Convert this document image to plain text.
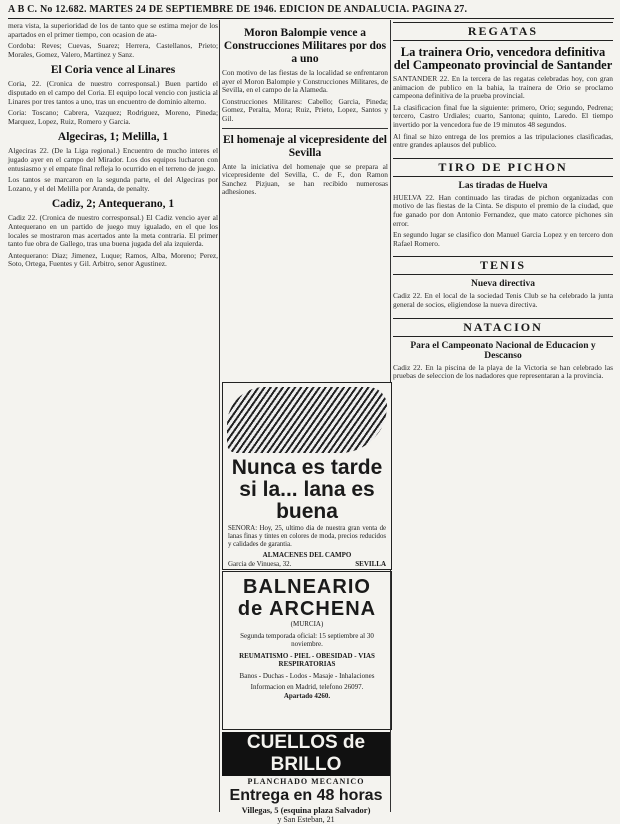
A B C. No 12.682. MARTES 24 DE SEPTIEMBRE DE 1946. EDICION DE ANDALUCIA. PAGINA 27.

mera vista, la superioridad de los de tanto que se estima mejor de los apartados en el primer tiempo, con ocasion de ata-

Cordoba: Reves; Cuevas, Suarez; Herrera, Castellanos, Prieto; Morales, Gomez, Valero, Martinez y Sanz.

El Coria vence al Linares

Coria, 22. (Cronica de nuestro corresponsal.) Buen partido el disputado en el campo del Coria. El equipo local vencio con justicia al Linares por tres tantos a uno, tras un encuentro de dominio alterno.

Coria: Toscano; Cabrera, Vazquez; Rodriguez, Moreno, Pineda; Marquez, Lopez, Ruiz, Romero y Garcia.

Algeciras, 1; Melilla, 1

Algeciras 22. (De la Liga regional.) Encuentro de mucho interes el jugado ayer en el campo del Mirador. Los dos equipos lucharon con entusiasmo y el empate final refleja lo ocurrido en el terreno de juego.

Los tantos se marcaron en la segunda parte, el del Algeciras por Lozano, y el del Melilla por Aranda, de penalty.

Cadiz, 2; Antequerano, 1

Cadiz 22. (Cronica de nuestro corresponsal.) El Cadiz vencio ayer al Antequerano en un partido de juego muy igualado, en el que los locales se mostraron mas acertados ante la meta contraria. El primer tanto fue obra de Gallego, tras una buena jugada del ala izquierda.

Antequerano: Diaz; Jimenez, Luque; Ramos, Alba, Moreno; Perez, Soto, Ortega, Fuentes y Gil. Arbitro, senor Agustinez.

Moron Balompie vence a Construcciones Militares por dos a uno

Con motivo de las fiestas de la localidad se enfrentaron ayer el Moron Balompie y Construcciones Militares, de Sevilla, en el campo de la Alameda.

Construcciones Militares: Cabello; Garcia, Pineda; Gomez, Peralta, Mora; Ruiz, Prieto, Lopez, Santos y Gil.

El homenaje al vicepresidente del Sevilla

Ante la iniciativa del homenaje que se prepara al vicepresidente del Sevilla, C. de F., don Ramon Sanchez Pizjuan, se han recibido numerosas adhesiones.

Nunca es tarde
si la... lana es buena
SENORA: Hoy, 25, ultimo dia de nuestra gran venta de lanas finas y tintes en colores de moda, precios reducidos y calidades de garantia.
ALMACENES DEL CAMPO
Garcia de Vinuesa, 32.	SEVILLA
BALNEARIO
de ARCHENA
(MURCIA)
Segunda temporada oficial: 15 septiembre al 30 noviembre.
REUMATISMO - PIEL - OBESIDAD - VIAS RESPIRATORIAS
Banos - Duchas - Lodos - Masaje - Inhalaciones
Informacion en Madrid, telefono 26097.
Apartado 4260.
CUELLOS de BRILLO
PLANCHADO MECANICO
Entrega en 48 horas
Villegas, 5 (esquina plaza Salvador)
y San Esteban, 21
REGATAS
La trainera Orio, vencedora definitiva del Campeonato provincial de Santander

SANTANDER 22. En la tercera de las regatas celebradas hoy, con gran animacion de publico en la bahia, la trainera de Orio se proclamo campeona definitiva de la prueba provincial.

La clasificacion final fue la siguiente: primero, Orio; segundo, Pedrena; tercero, Castro Urdiales; cuarto, Santona; quinto, Laredo. El tiempo invertido por la vencedora fue de 19 minutos 48 segundos.

Al final se hizo entrega de los premios a las tripulaciones clasificadas, entre grandes aplausos del publico.

TIRO DE PICHON
Las tiradas de Huelva

HUELVA 22. Han continuado las tiradas de pichon organizadas con motivo de las fiestas de la Cinta. Se disputo el premio de la ciudad, que fue ganado por don Antonio Fernandez, que mato catorce pichones sin error.

En segundo lugar se clasifico don Manuel Garcia Lopez y en tercero don Rafael Romero.

TENIS
Nueva directiva

Cadiz 22. En el local de la sociedad Tenis Club se ha celebrado la junta general de socios, eligiendose la nueva directiva.

NATACION
Para el Campeonato Nacional de Educacion y Descanso

Cadiz 22. En la piscina de la playa de la Victoria se han celebrado las pruebas de seleccion de los nadadores que representaran a la provincia.
